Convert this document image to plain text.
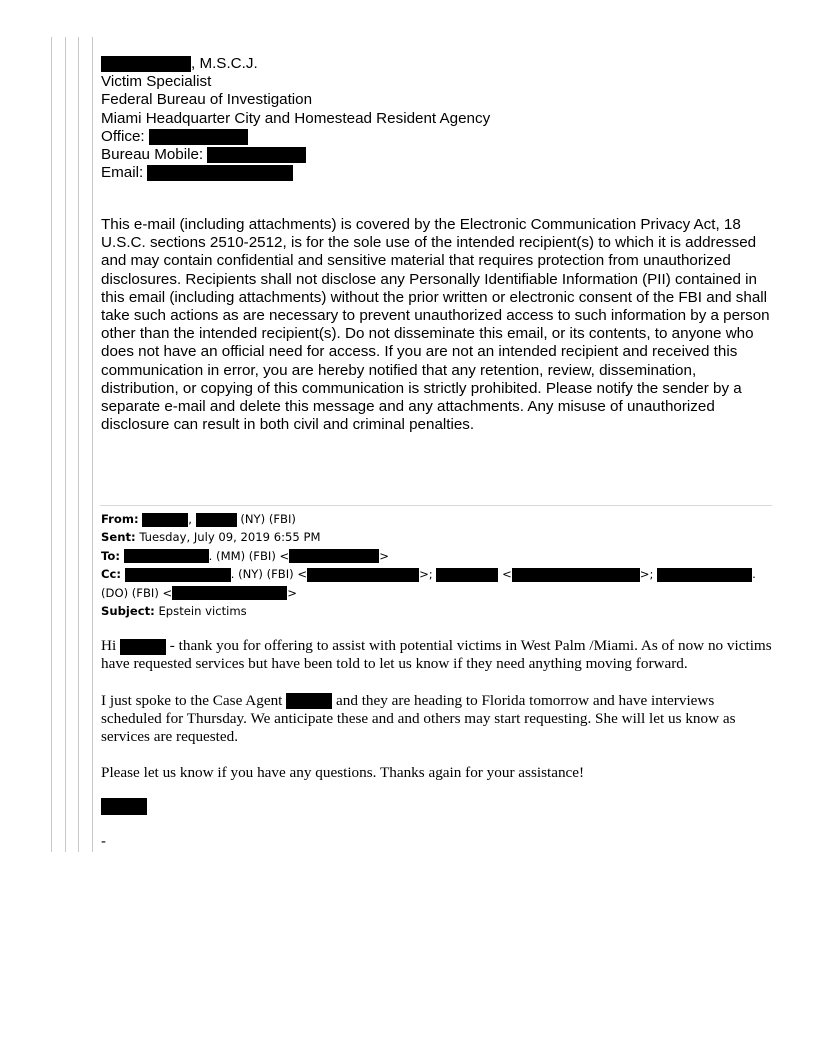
, M.S.C.J.
Victim Specialist
Federal Bureau of Investigation
Miami Headquarter City and Homestead Resident Agency
Office:
Bureau Mobile:
Email:
This e-mail (including attachments) is covered by the Electronic Communication Privacy Act, 18 U.S.C. sections 2510-2512, is for the sole use of the intended recipient(s) to which it is addressed and may contain confidential and sensitive material that requires protection from unauthorized disclosures. Recipients shall not disclose any Personally Identifiable Information (PII) contained in this email (including attachments) without the prior written or electronic consent of the FBI and shall take such actions as are necessary to prevent unauthorized access to such information by a person other than the intended recipient(s). Do not disseminate this email, or its contents, to anyone who does not have an official need for access. If you are not an intended recipient and received this communication in error, you are hereby notified that any retention, review, dissemination, distribution, or copying of this communication is strictly prohibited. Please notify the sender by a separate e-mail and delete this message and any attachments. Any misuse of unauthorized disclosure can result in both civil and criminal penalties.
From:	,	(NY) (FBI)
Sent: Tuesday, July 09, 2019 6:55 PM
To:	. (MM) (FBI) <	>
Cc:	. (NY) (FBI) <	>;	<	>;	.
(DO) (FBI) <	>
Subject: Epstein victims

Hi	- thank you for offering to assist with potential victims in West Palm /Miami. As of now no victims have requested services but have been told to let us know if they need anything moving forward.

I just spoke to the Case Agent	and they are heading to Florida tomorrow and have interviews scheduled for Thursday. We anticipate these and and others may start requesting. She will let us know as services are requested.

Please let us know if you have any questions. Thanks again for your assistance!

-
